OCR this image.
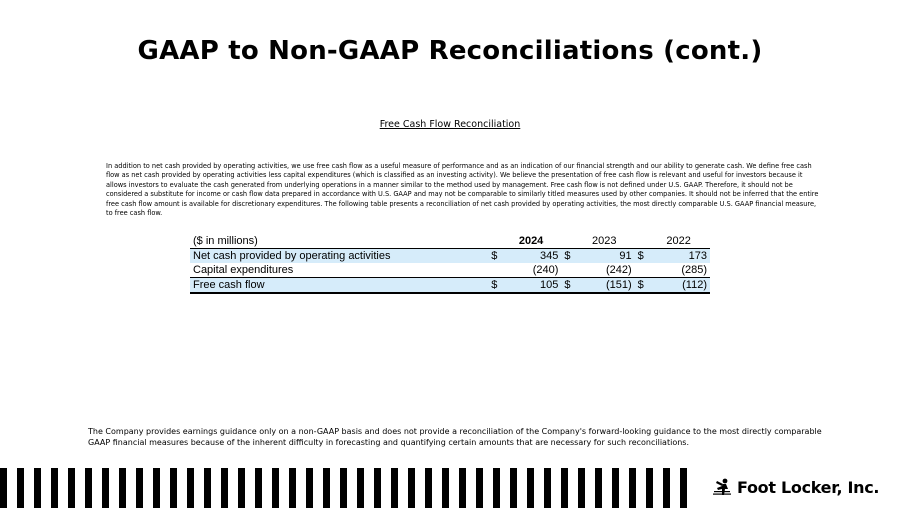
GAAP to Non-GAAP Reconciliations (cont.)
Free Cash Flow Reconciliation

In addition to net cash provided by operating activities, we use free cash flow as a useful measure of performance and as an indication of our financial strength and our ability to generate cash. We define free cash flow as net cash provided by operating activities less capital expenditures (which is classified as an investing activity). We believe the presentation of free cash flow is relevant and useful for investors because it allows investors to evaluate the cash generated from underlying operations in a manner similar to the method used by management. Free cash flow is not defined under U.S. GAAP. Therefore, it should not be considered a substitute for income or cash flow data prepared in accordance with U.S. GAAP and may not be comparable to similarly titled measures used by other companies. It should not be inferred that the entire free cash flow amount is available for discretionary expenditures. The following table presents a reconciliation of net cash provided by operating activities, the most directly comparable U.S. GAAP financial measure, to free cash flow.

($ in millions)		2024		2023		2022
Net cash provided by operating activities	$	345	$	91	$	173
Capital expenditures		(240)		(242)		(285)
Free cash flow	$	105	$	(151)	$	(112)

The Company provides earnings guidance only on a non-GAAP basis and does not provide a reconciliation of the Company's forward-looking guidance to the most directly comparable GAAP financial measures because of the inherent difficulty in forecasting and quantifying certain amounts that are necessary for such reconciliations.

Foot Locker, Inc.
